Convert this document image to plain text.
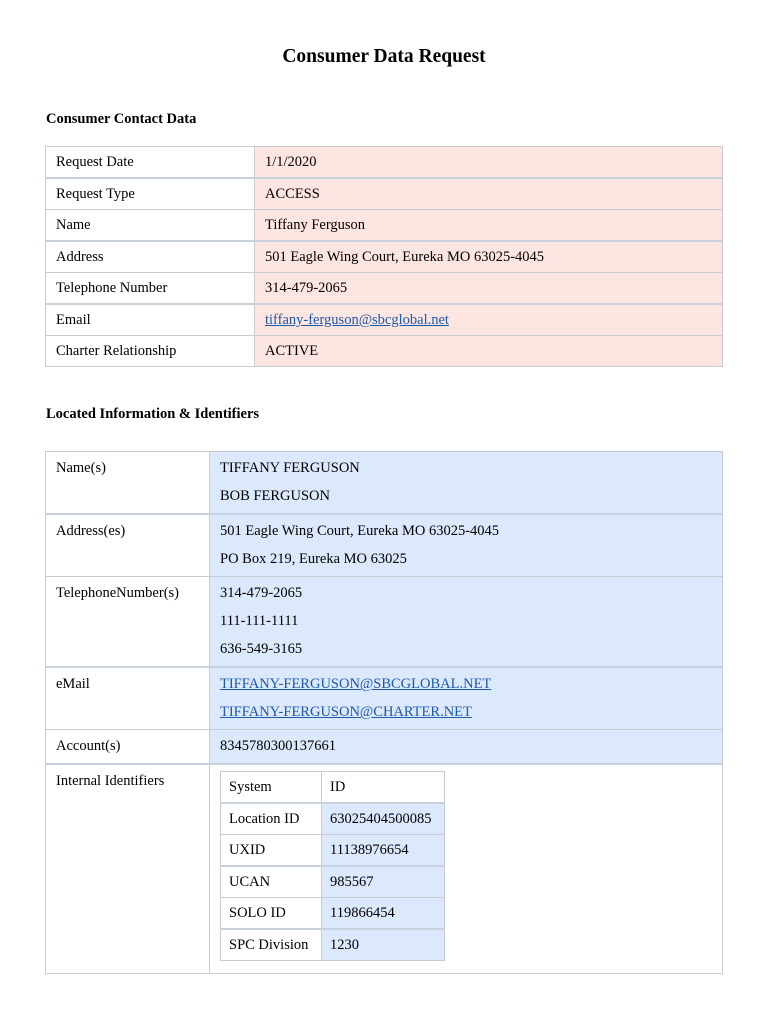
Consumer Data Request
Consumer Contact Data
Request Date	1/1/2020
Request Type	ACCESS
Name	Tiffany Ferguson
Address	501 Eagle Wing Court, Eureka MO 63025-4045
Telephone Number	314-479-2065
Email	tiffany-ferguson@sbcglobal.net
Charter Relationship	ACTIVE
Located Information & Identifiers
Name(s)	TIFFANY FERGUSON
BOB FERGUSON

Address(es)	501 Eagle Wing Court, Eureka MO 63025-4045
PO Box 219, Eureka MO 63025

TelephoneNumber(s)	314-479-2065
111-111-1111
636-549-3165

eMail	TIFFANY-FERGUSON@SBCGLOBAL.NET
TIFFANY-FERGUSON@CHARTER.NET

Account(s)	8345780300137661

Internal Identifiers		System	ID
Location ID	63025404500085
UXID	11138976654
UCAN	985567
SOLO ID	119866454
SPC Division	1230
